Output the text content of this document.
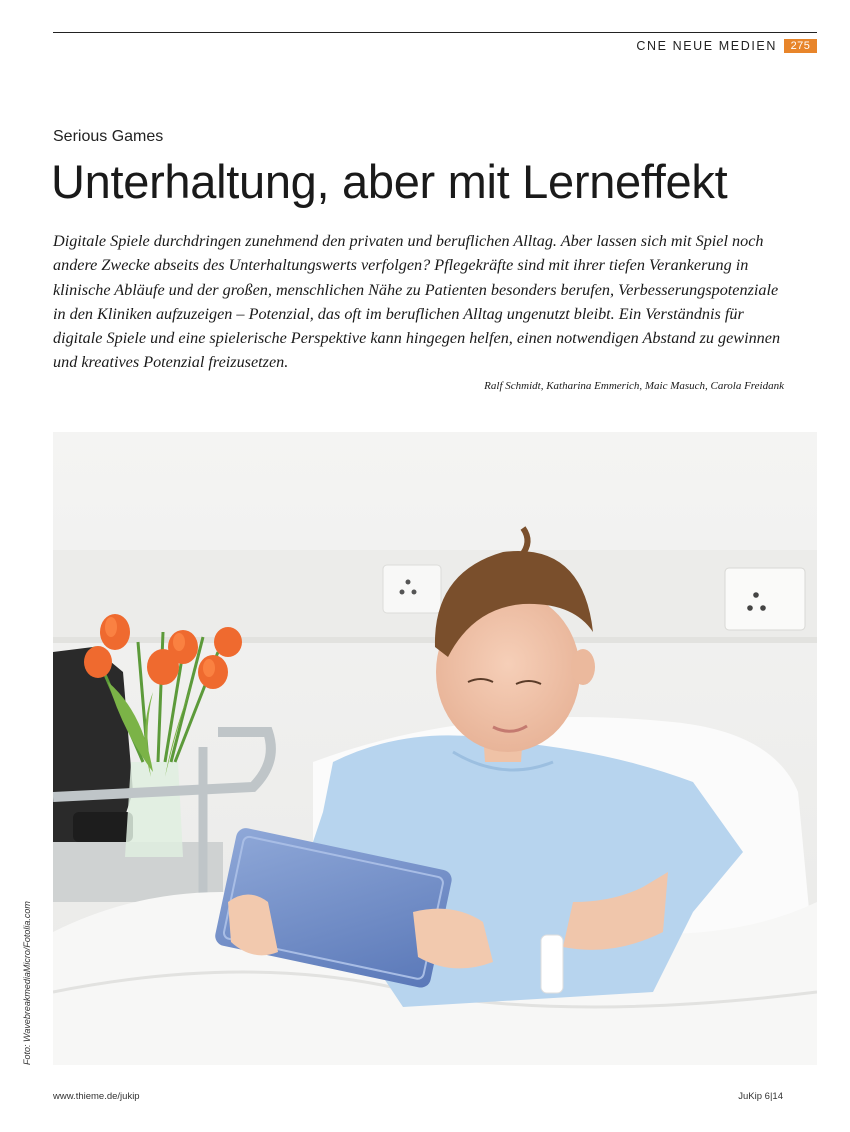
CNE NEUE MEDIEN	275
Serious Games
Unterhaltung, aber mit Lerneffekt

Digitale Spiele durchdringen zunehmend den privaten und beruflichen Alltag. Aber lassen sich mit Spiel noch andere Zwecke abseits des Unterhaltungswerts verfolgen? Pflegekräfte sind mit ihrer tiefen Verankerung in klinische Abläufe und der großen, menschlichen Nähe zu Patienten besonders berufen, Verbesserungspotenziale in den Kliniken aufzuzeigen – Potenzial, das oft im beruflichen Alltag ungenutzt bleibt. Ein Verständnis für digitale Spiele und eine spielerische Perspektive kann hingegen helfen, einen notwendigen Abstand zu gewinnen und kreatives Potenzial freizusetzen.

Ralf Schmidt, Katharina Emmerich, Maic Masuch, Carola Freidank
Foto: WavebreakmediaMicro/Fotolia.com
www.thieme.de/jukip	JuKip 6|14
